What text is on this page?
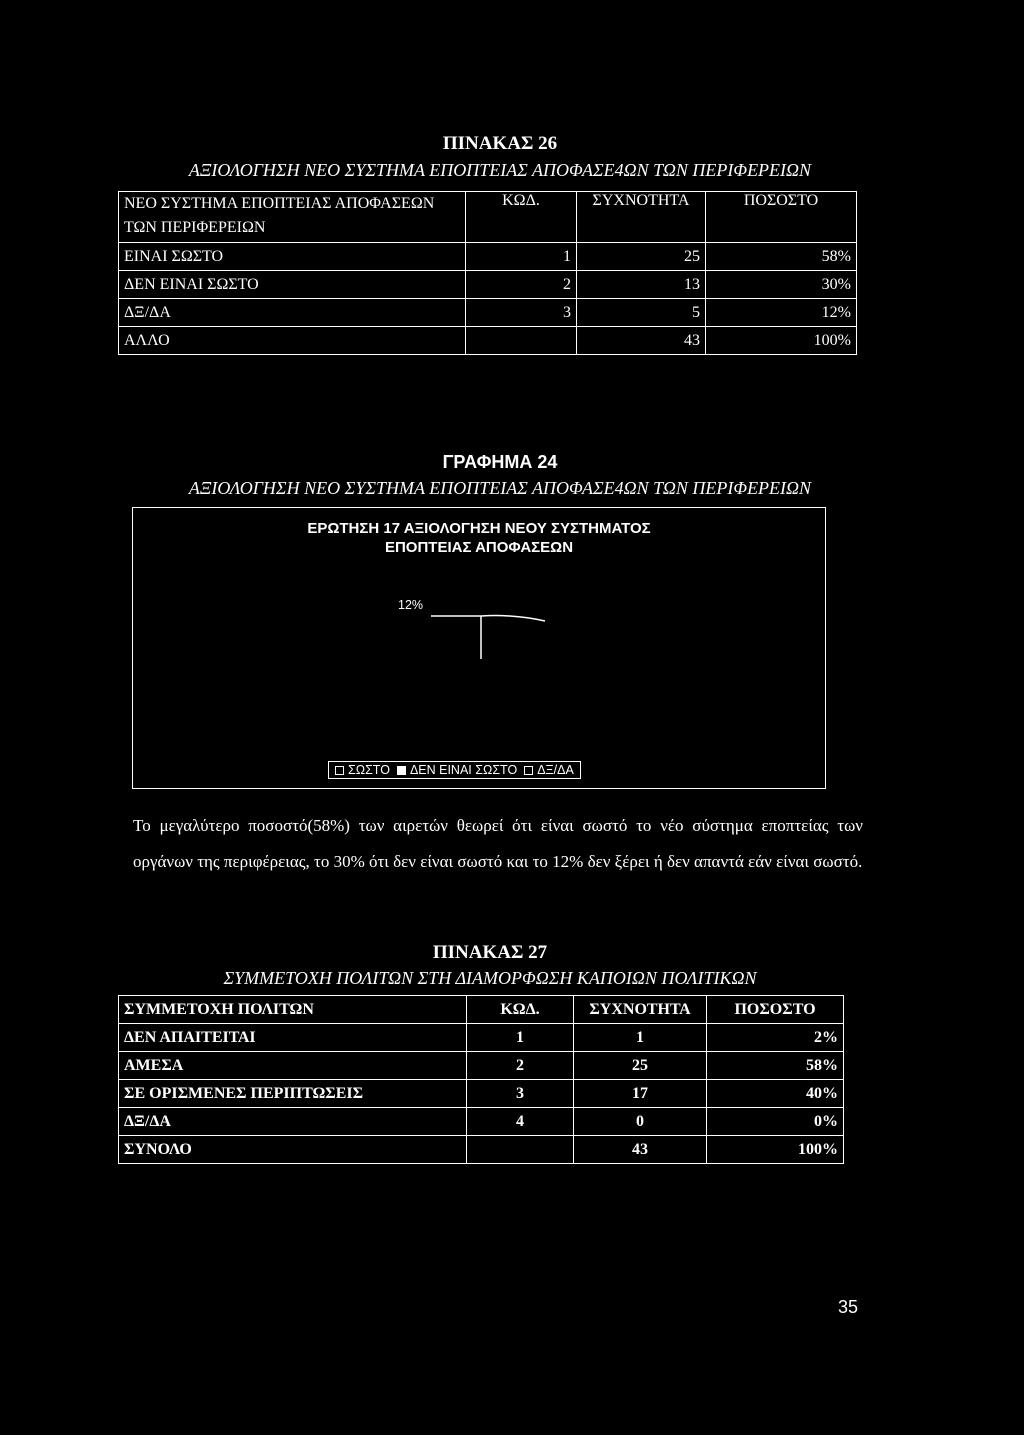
ΠΙΝΑΚΑΣ 26
ΑΞΙΟΛΟΓΗΣΗ ΝΕΟ ΣΥΣΤΗΜΑ ΕΠΟΠΤΕΙΑΣ ΑΠΟΦΑΣΕ4ΩΝ ΤΩΝ ΠΕΡΙΦΕΡΕΙΩΝ
ΝΕΟ ΣΥΣΤΗΜΑ ΕΠΟΠΤΕΙΑΣ ΑΠΟΦΑΣΕΩΝ ΤΩΝ ΠΕΡΙΦΕΡΕΙΩΝ	ΚΩΔ.	ΣΥΧΝΟΤΗΤΑ	ΠΟΣΟΣΤΟ
ΕΙΝΑΙ ΣΩΣΤΟ	1	25	58%
ΔΕΝ ΕΙΝΑΙ ΣΩΣΤΟ	2	13	30%
ΔΞ/ΔΑ	3	5	12%
ΑΛΛΟ		43	100%
ΓΡΑΦΗΜΑ 24
ΑΞΙΟΛΟΓΗΣΗ ΝΕΟ ΣΥΣΤΗΜΑ ΕΠΟΠΤΕΙΑΣ ΑΠΟΦΑΣΕ4ΩΝ ΤΩΝ ΠΕΡΙΦΕΡΕΙΩΝ
ΕΡΩΤΗΣΗ 17 ΑΞΙΟΛΟΓΗΣΗ ΝΕΟΥ ΣΥΣΤΗΜΑΤΟΣ
ΕΠΟΠΤΕΙΑΣ ΑΠΟΦΑΣΕΩΝ
12%
ΣΩΣΤΟ ΔΕΝ ΕΙΝΑΙ ΣΩΣΤΟ ΔΞ/ΔΑ
Το μεγαλύτερο ποσοστό(58%) των αιρετών θεωρεί ότι είναι σωστό το νέο σύστημα εποπτείας των οργάνων της περιφέρειας, το 30% ότι δεν είναι σωστό και το 12% δεν ξέρει ή δεν απαντά εάν είναι σωστό.
ΠΙΝΑΚΑΣ 27
ΣΥΜΜΕΤΟΧΗ ΠΟΛΙΤΩΝ ΣΤΗ ΔΙΑΜΟΡΦΩΣΗ ΚΑΠΟΙΩΝ ΠΟΛΙΤΙΚΩΝ
ΣΥΜΜΕΤΟΧΗ ΠΟΛΙΤΩΝ	ΚΩΔ.	ΣΥΧΝΟΤΗΤΑ	ΠΟΣΟΣΤΟ
ΔΕΝ ΑΠΑΙΤΕΙΤΑΙ	1	1	2%
ΑΜΕΣΑ	2	25	58%
ΣΕ ΟΡΙΣΜΕΝΕΣ ΠΕΡΙΠΤΩΣΕΙΣ	3	17	40%
ΔΞ/ΔΑ	4	0	0%
ΣΥΝΟΛΟ		43	100%
35
